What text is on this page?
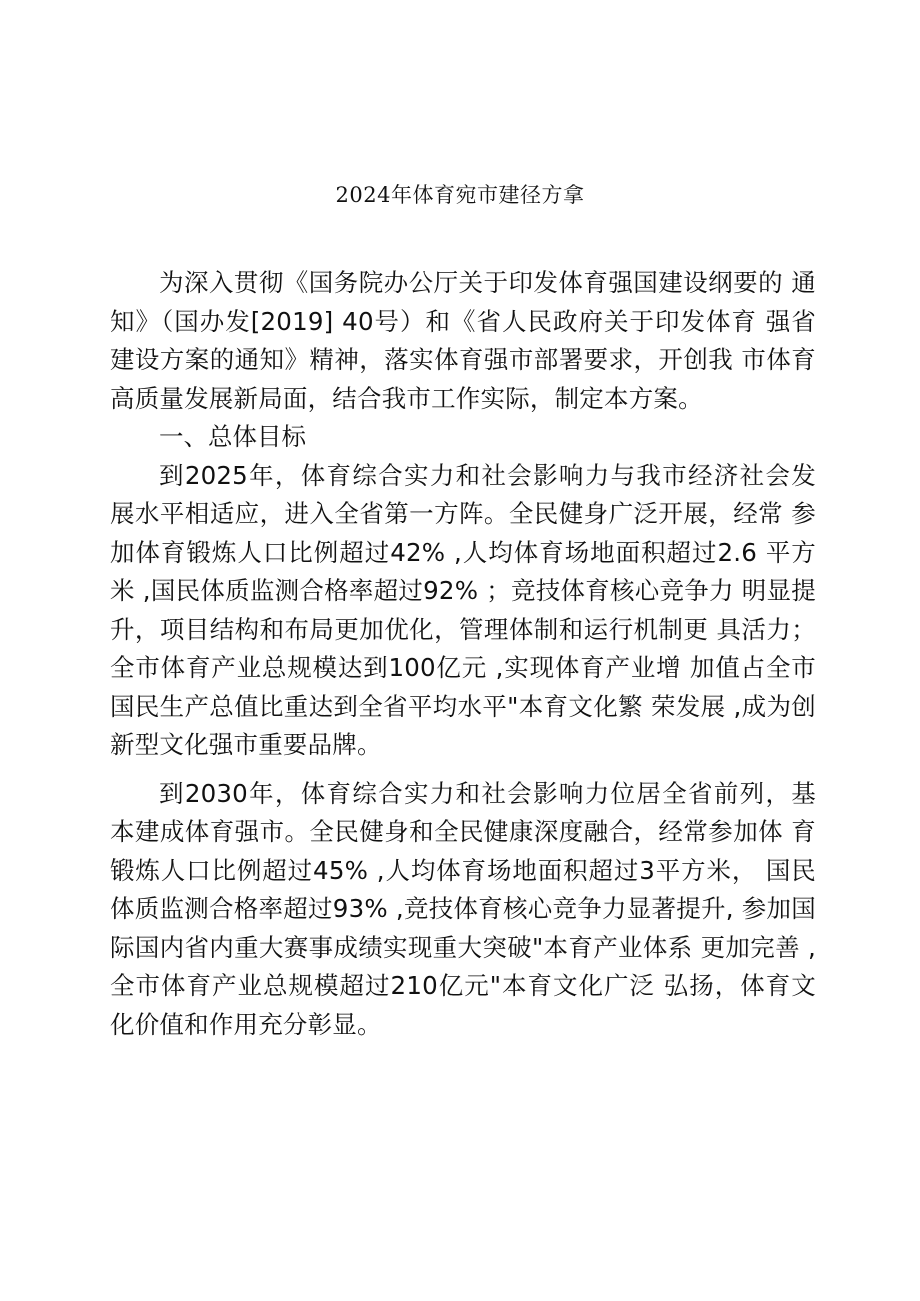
2024年体育宛市建径方拿

为深入贯彻《国务院办公厅关于印发体育强国建设纲要的 通知》（国办发[2019] 40号）和《省人民政府关于印发体育 强省建设方案的通知》精神，落实体育强市部署要求，开创我 市体育高质量发展新局面，结合我市工作实际，制定本方案。

一、总体目标

到2025年，体育综合实力和社会影响力与我市经济社会发 展水平相适应，进入全省第一方阵。全民健身广泛开展，经常 参加体育锻炼人口比例超过42% ,人均体育场地面积超过2.6 平方米 ,国民体质监测合格率超过92% ；竞技体育核心竞争力 明显提升，项目结构和布局更加优化，管理体制和运行机制更 具活力；全市体育产业总规模达到100亿元 ,实现体育产业增 加值占全市国民生产总值比重达到全省平均水平"本育文化繁 荣发展 ,成为创新型文化强市重要品牌。

到2030年，体育综合实力和社会影响力位居全省前列，基 本建成体育强市。全民健身和全民健康深度融合，经常参加体 育锻炼人口比例超过45% ,人均体育场地面积超过3平方米， 国民体质监测合格率超过93% ,竞技体育核心竞争力显著提升, 参加国际国内省内重大赛事成绩实现重大突破"本育产业体系 更加完善 ,全市体育产业总规模超过210亿元"本育文化广泛 弘扬，体育文化价值和作用充分彰显。
